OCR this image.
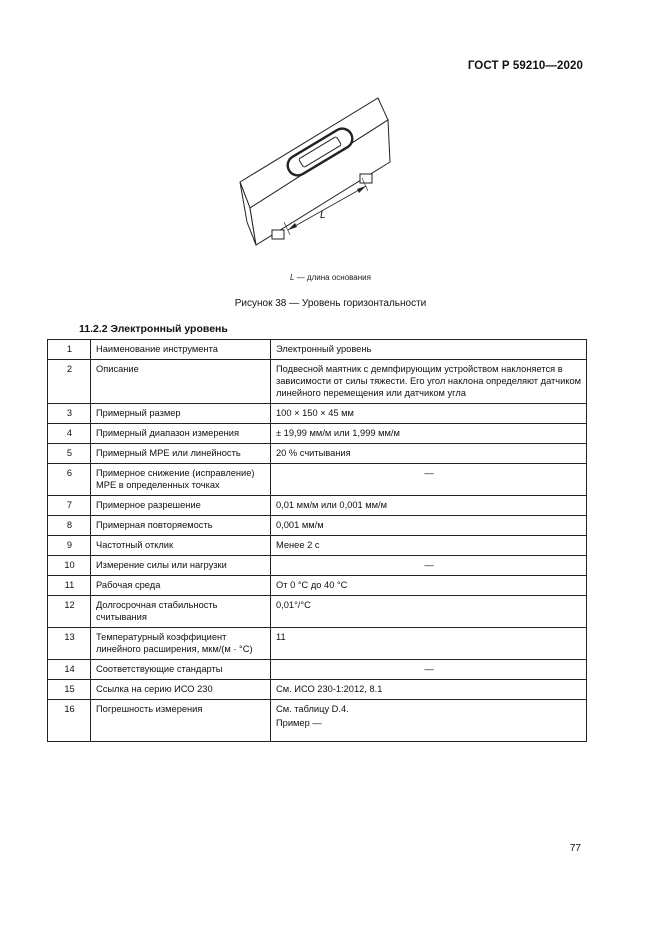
ГОСТ Р 59210—2020
L
L — длина основания
Рисунок 38 — Уровень горизонтальности
11.2.2 Электронный уровень
1	Наименование инструмента	Электронный уровень
2	Описание	Подвесной маятник с демпфирующим устройством наклоняется в зависимости от силы тяжести. Его угол наклона определяют датчиком линейного перемещения или датчиком угла
3	Примерный размер	100 × 150 × 45 мм
4	Примерный диапазон измерения	± 19,99 мм/м или 1,999 мм/м
5	Примерный MPE или линейность	20 % считывания
6	Примерное снижение (исправление) MPE в определенных точках	—
7	Примерное разрешение	0,01 мм/м или 0,001 мм/м
8	Примерная повторяемость	0,001 мм/м
9	Частотный отклик	Менее 2 с
10	Измерение силы или нагрузки	—
11	Рабочая среда	От 0 °С до 40 °С
12	Долгосрочная стабильность считывания	0,01°/°С
13	Температурный коэффициент линейного расширения, мкм/(м · °С)	11
14	Соответствующие стандарты	—
15	Ссылка на серию ИСО 230	См. ИСО 230-1:2012, 8.1
16	Погрешность измерения	См. таблицу D.4.
Пример —
77
